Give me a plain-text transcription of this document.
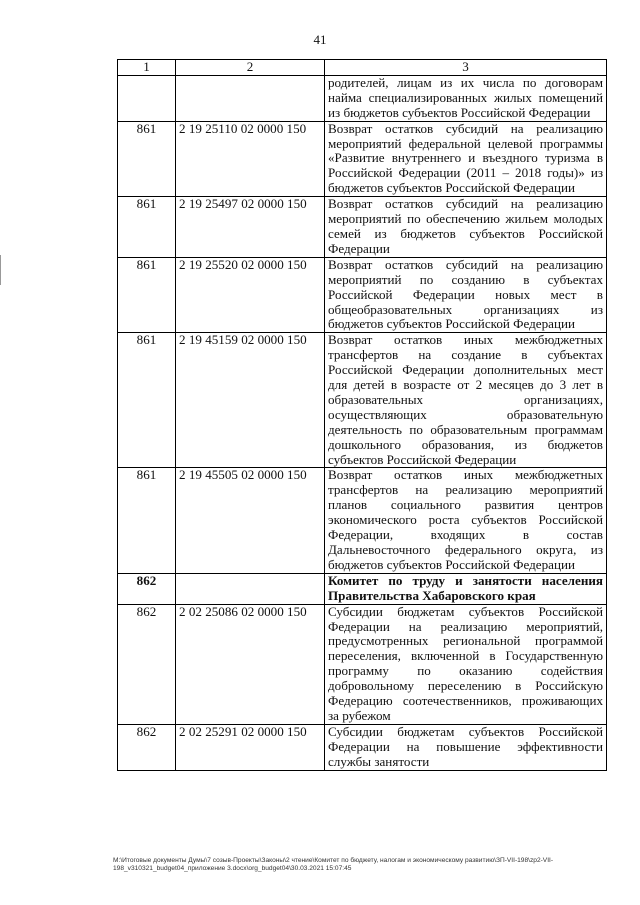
41
1	2	3
		родителей, лицам из их числа по договорам найма специализированных жилых помещений из бюджетов субъектов Российской Федерации
861	2 19 25110 02 0000 150	Возврат остатков субсидий на реализацию мероприятий федеральной целевой программы «Развитие внутреннего и въездного туризма в Российской Федерации (2011 – 2018 годы)» из бюджетов субъектов Российской Федерации
861	2 19 25497 02 0000 150	Возврат остатков субсидий на реализацию мероприятий по обеспечению жильем молодых семей из бюджетов субъектов Российской Федерации
861	2 19 25520 02 0000 150	Возврат остатков субсидий на реализацию мероприятий по созданию в субъектах Российской Федерации новых мест в общеобразовательных организациях из бюджетов субъектов Российской Федерации
861	2 19 45159 02 0000 150	Возврат остатков иных межбюджетных трансфертов на создание в субъектах Российской Федерации дополнительных мест для детей в возрасте от 2 месяцев до 3 лет в образовательных организациях, осуществляющих образовательную деятельность по образовательным программам дошкольного образования, из бюджетов субъектов Российской Федерации
861	2 19 45505 02 0000 150	Возврат остатков иных межбюджетных трансфертов на реализацию мероприятий планов социального развития центров экономического роста субъектов Российской Федерации, входящих в состав Дальневосточного федерального округа, из бюджетов субъектов Российской Федерации
862		Комитет по труду и занятости населения Правительства Хабаровского края
862	2 02 25086 02 0000 150	Субсидии бюджетам субъектов Российской Федерации на реализацию мероприятий, предусмотренных региональной программой переселения, включенной в Государственную программу по оказанию содействия добровольному переселению в Российскую Федерацию соотечественников, проживающих за рубежом
862	2 02 25291 02 0000 150	Субсидии бюджетам субъектов Российской Федерации на повышение эффективности службы занятости
M:\Итоговые документы Думы\7 созыв-Проекты\Законы\2 чтение\Комитет по бюджету, налогам и экономическому развитию\ЗП-VII-198\zp2-VII-
198_v310321_budget04_приложение 3.docx\org_budget04\30.03.2021 15:07:45
